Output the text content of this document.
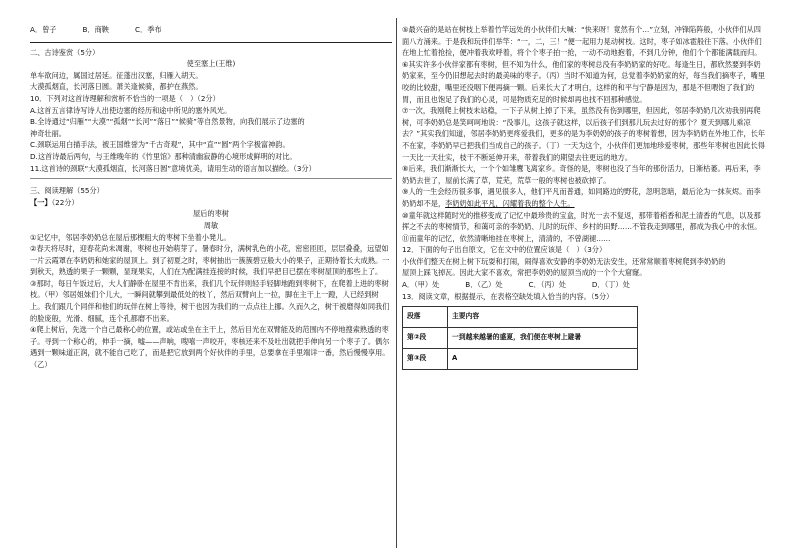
A．曾子	B．商鞅	C．季布

二、古诗鉴赏（5分）

使至塞上(王维)

单车欲问边，属国过居延。征蓬出汉塞，归雁入胡天。

大漠孤烟直，长河落日圆。萧关逢候骑，都护在燕然。

10．下列对这首诗理解和赏析不恰当的一项是（　）（2分）

A.这首五言律诗写诗人出使边塞的经历和途中所见的塞外风光。

B.全诗通过“归雁”“大漠”“孤烟”“长河”“落日”“候骑”等自然景物，向我们展示了边塞的

神奇壮丽。

C.颈联运用白描手法，被王国维誉为“千古奇观”，其中“直”“圆”两个字极富神韵。

D.这首诗最后两句，与王维晚年的《竹里馆》那种清幽寂静的心境形成鲜明的对比。

11.这首诗的颈联“大漠孤烟直，长河落日圆”意境优美，请用生动的语言加以描绘。（3分）

三、阅读理解（55分）

【一】（22分）

屋后的枣树

周敏

①记忆中，邻居李奶奶总在屋后那棵粗大的枣树下坐着小凳儿。

②春天将尽时，迎春花尚未凋谢，枣树也开始萌芽了。暑春时分，满树乳色的小花，密密匝匝，层层叠叠，远望如一片云霞罩在李奶奶和她家的屋顶上。到了初夏之时，枣树抽出一簇簇碧豆般大小的果子，正期待着长大成熟。一到秋天，熟透的果子一颗颗，显现果实，人们在为配满挂连接的时候，我们早把目已摆在枣树屋顶的那些上了。

③那时，每日午饭过后，大人们静卧在屋里不肯出来，我们几个玩伴则轻手轻脚地跑到枣树下，在爬着上进的枣树枝。（甲）邻居姐妹们个儿大，一瞬间就攀到最低处的枝丫，然后双臂向上一拉，脚在主干上一蹬，人已经到树上。我们跟几个同伴和他们的玩伴在树上等待，树干也因为我们的一点点往上挪。久而久之，树干被磨得如同我们的脸庞般，光滑、细腻，连个孔都磨不出来。

④爬上树后，先选一个自己最称心的位置，或站或坐在主干上，然后目光在双臂能及的范围内不停地搜索熟透的枣子。寻到一个称心的，伸手一摘，嘘——声响，嗖嘻一声咬开，枣核还来不及吐出就把手伸向另一个枣子了。偶尔遇到一颗味道正润，就不能自己吃了，而是把它放到两个好伙伴的手里，总要拿在手里端详一番，然后慢慢享用。（乙）

⑤最兴奋的是站在树枝上举着竹竿远处的小伙伴们大喊：“快来呀！竟然有个…”立刻，冲锋陷阵般，小伙伴们从四面八方涌来。于是我和玩伴们举竿：“一，二，三！”便一起用力晃动树枝。这时，枣子如冰雹般往下落。小伙伴们在地上忙着抢捡，便冲着我欢呼着，将个个枣子拍一抢，一动不动地抱着，不到几分钟，他们个个都能满载而归。

⑥其实许多小伙伴家都有枣树，但不知为什么，他们家的枣树总没有李奶奶家的好吃。每逢生日，都欣然要到李奶奶家来，至今仍旧想起去时的最美味的枣子。（丙）当时不知道为何，总觉着李奶奶家的好，每当我们摘枣子，嘴里咬的比较甜，嘴里还没咽下便再摘一颗。后来长大了才明白，这样的和平与宁静是因为，那是不但喂饱了我们的胃，而且也饱足了我们的心灵，可是物质充足的时候却再也找不回那种感觉。

⑦一次，我刚爬上树枝未站稳，一下子从树上掉了下来，虽然没有伤到哪里，但因此，邻居李奶奶几次劝我别再爬树，可李奶奶总是笑呵呵地说：“没事儿，这孩子就这样，以后孩子们到那儿玩去过好的那个？夏天到哪儿乘凉去？”其实我们知道，邻居李奶奶更疼爱我们，更多的是为李奶奶的孩子的枣树着想，因为李奶奶在外地工作，长年不在家，李奶奶早已把我们当成自己的孩子。（丁）一天为这个，小伙伴们更加地珍爱枣树，那些年枣树也因此长得一天比一天壮实，枝干不断延伸开来，带着我们的期望去往更远的地方。

⑧后来，我们渐渐长大，一个个如雏鹰飞离家乡。奇怪的是，枣树也没了当年的那份活力，日渐枯萎。再后来，李奶奶去世了，屋前长满了草，荒芜，荒草一般的枣树也被砍掉了。

⑨人的一生会经历很多事，遇见很多人，他们平凡而普通，如同路边的野花，忽明忽暗，最后沦为一抹灰烬。而李奶奶却不是，李奶奶如此平凡，闪耀着我的整个人生。

⑩童年就这样随时光的推移变成了记忆中最珍贵的宝盒，时光一去不复返，那带着稻香和泥土清香的气息，以及那挥之不去的枣树情节，和蔼可亲的李奶奶、儿时的玩伴、乡村的田野……不管我走到哪里，都成为我心中的永恒。

⑪而童年的记忆，依然清晰地挂在枣树上，清清的，不曾湖褪……

12．下面的句子出自原文，它在文中的位置应该是（　）（3分）

小伙伴们整天在树上树下玩耍和打闹，闹得喜欢安静的李奶奶无法安生，还常常顺着枣树爬到李奶奶的

屋顶上踩飞掉瓦。因此大家不喜欢，常把李奶奶的屋顶当成的一个个大窟窿。

A．（甲）处	B．（乙）处	C．（丙）处	D．（丁）处

13．阅读文章，根据提示，在表格空缺处填入恰当的内容。（5分）

段落	主要内容
第②段	一到越来越暑的盛夏，我们便在枣树上避暑
第③段	A
